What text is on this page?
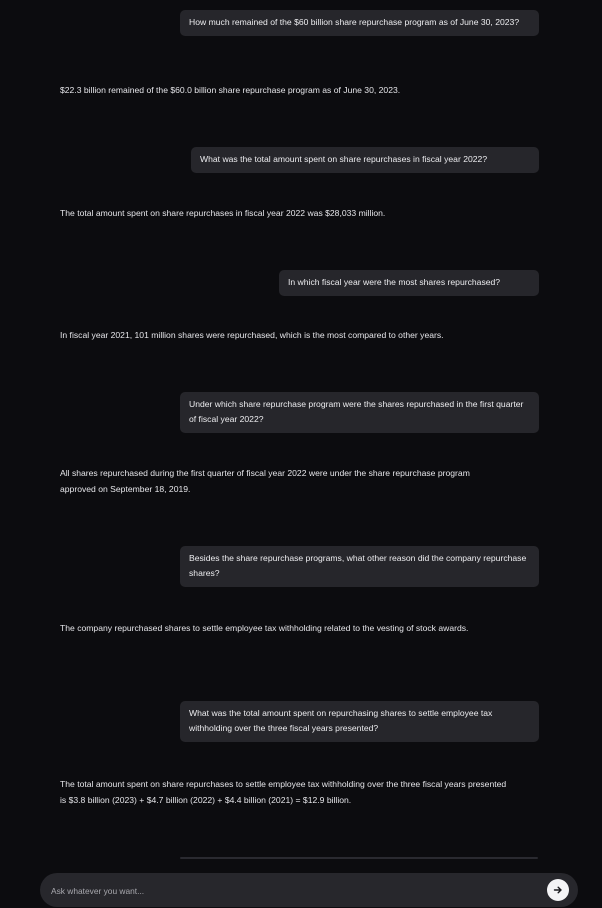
How much remained of the $60 billion share repurchase program as of June 30, 2023?
$22.3 billion remained of the $60.0 billion share repurchase program as of June 30, 2023.
What was the total amount spent on share repurchases in fiscal year 2022?
The total amount spent on share repurchases in fiscal year 2022 was $28,033 million.
In which fiscal year were the most shares repurchased?
In fiscal year 2021, 101 million shares were repurchased, which is the most compared to other years.
Under which share repurchase program were the shares repurchased in the first quarter of fiscal year 2022?
All shares repurchased during the first quarter of fiscal year 2022 were under the share repurchase program approved on September 18, 2019.
Besides the share repurchase programs, what other reason did the company repurchase shares?
The company repurchased shares to settle employee tax withholding related to the vesting of stock awards.
What was the total amount spent on repurchasing shares to settle employee tax withholding over the three fiscal years presented?
The total amount spent on share repurchases to settle employee tax withholding over the three fiscal years presented is $3.8 billion (2023) + $4.7 billion (2022) + $4.4 billion (2021) = $12.9 billion.
Ask whatever you want...
